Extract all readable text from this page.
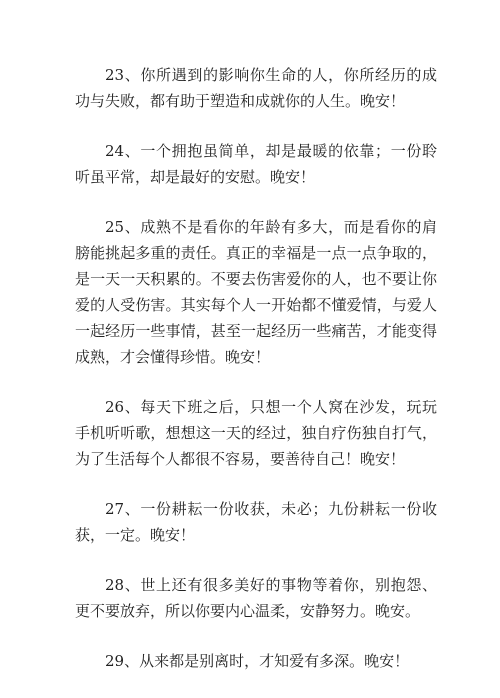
23、你所遇到的影响你生命的人，你所经历的成功与失败，都有助于塑造和成就你的人生。晚安！

24、一个拥抱虽简单，却是最暖的依靠；一份聆听虽平常，却是最好的安慰。晚安！

25、成熟不是看你的年龄有多大，而是看你的肩膀能挑起多重的责任。真正的幸福是一点一点争取的，是一天一天积累的。不要去伤害爱你的人，也不要让你爱的人受伤害。其实每个人一开始都不懂爱情，与爱人一起经历一些事情，甚至一起经历一些痛苦，才能变得成熟，才会懂得珍惜。晚安！

26、每天下班之后，只想一个人窝在沙发，玩玩手机听听歌，想想这一天的经过，独自疗伤独自打气，为了生活每个人都很不容易，要善待自己！晚安！

27、一份耕耘一份收获，未必；九份耕耘一份收获，一定。晚安！

28、世上还有很多美好的事物等着你，别抱怨、更不要放弃，所以你要内心温柔，安静努力。晚安。

29、从来都是别离时，才知爱有多深。晚安！
